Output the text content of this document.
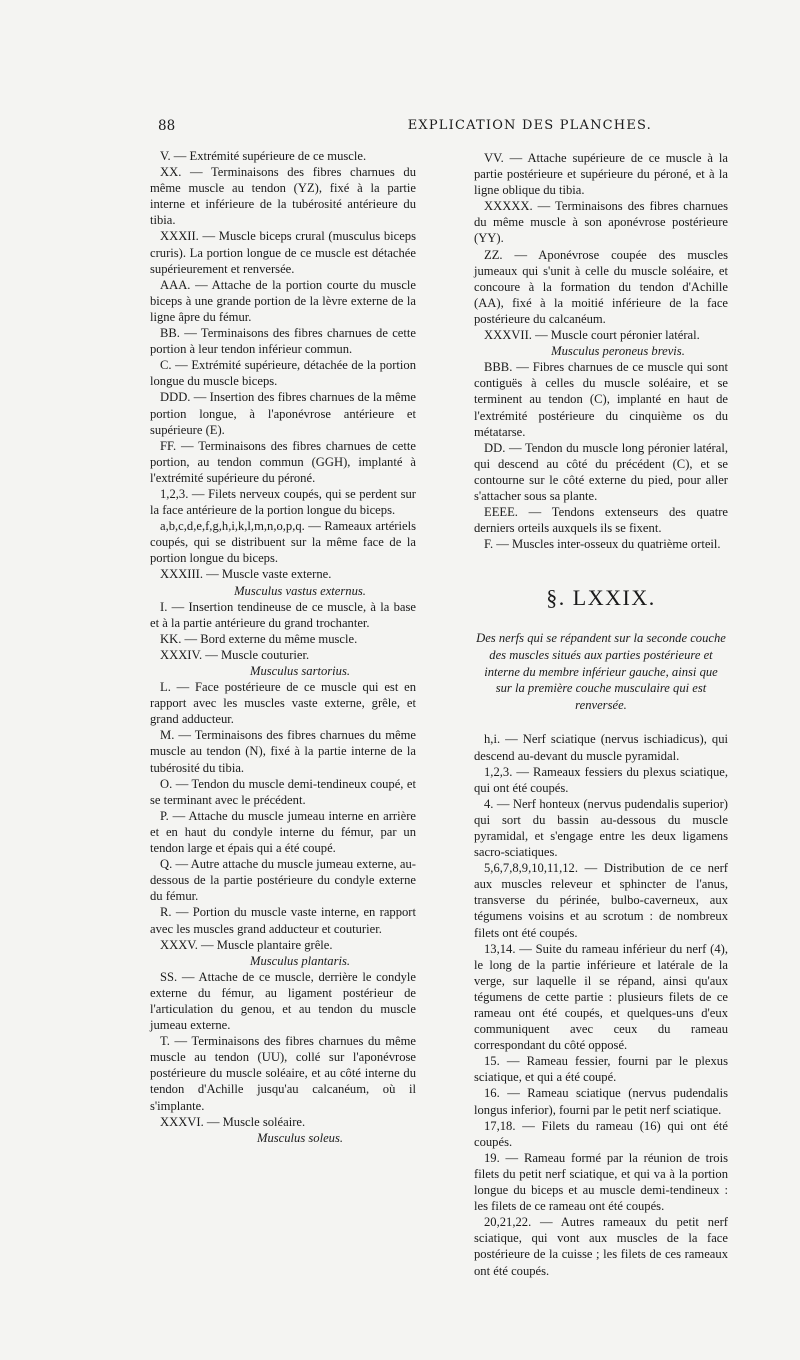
88	EXPLICATION DES PLANCHES.

V. — Extrémité supérieure de ce muscle.

XX. — Terminaisons des fibres charnues du même muscle au tendon (YZ), fixé à la partie interne et inférieure de la tubérosité antérieure du tibia.

XXXII. — Muscle biceps crural (musculus biceps cruris). La portion longue de ce muscle est détachée supérieurement et renversée.

AAA. — Attache de la portion courte du muscle biceps à une grande portion de la lèvre externe de la ligne âpre du fémur.

BB. — Terminaisons des fibres charnues de cette portion à leur tendon inférieur commun.

C. — Extrémité supérieure, détachée de la portion longue du muscle biceps.

DDD. — Insertion des fibres charnues de la même portion longue, à l'aponévrose antérieure et supérieure (E).

FF. — Terminaisons des fibres charnues de cette portion, au tendon commun (GGH), implanté à l'extrémité supérieure du péroné.

1,2,3. — Filets nerveux coupés, qui se perdent sur la face antérieure de la portion longue du biceps.

a,b,c,d,e,f,g,h,i,k,l,m,n,o,p,q. — Rameaux artériels coupés, qui se distribuent sur la même face de la portion longue du biceps.

XXXIII. — Muscle vaste externe.

Musculus vastus externus.

I. — Insertion tendineuse de ce muscle, à la base et à la partie antérieure du grand trochanter.

KK. — Bord externe du même muscle.

XXXIV. — Muscle couturier.

Musculus sartorius.

L. — Face postérieure de ce muscle qui est en rapport avec les muscles vaste externe, grêle, et grand adducteur.

M. — Terminaisons des fibres charnues du même muscle au tendon (N), fixé à la partie interne de la tubérosité du tibia.

O. — Tendon du muscle demi-tendineux coupé, et se terminant avec le précédent.

P. — Attache du muscle jumeau interne en arrière et en haut du condyle interne du fémur, par un tendon large et épais qui a été coupé.

Q. — Autre attache du muscle jumeau externe, au-dessous de la partie postérieure du condyle externe du fémur.

R. — Portion du muscle vaste interne, en rapport avec les muscles grand adducteur et couturier.

XXXV. — Muscle plantaire grêle.

Musculus plantaris.

SS. — Attache de ce muscle, derrière le condyle externe du fémur, au ligament postérieur de l'articulation du genou, et au tendon du muscle jumeau externe.

T. — Terminaisons des fibres charnues du même muscle au tendon (UU), collé sur l'aponévrose postérieure du muscle soléaire, et au côté interne du tendon d'Achille jusqu'au calcanéum, où il s'implante.

XXXVI. — Muscle soléaire.

Musculus soleus.

VV. — Attache supérieure de ce muscle à la partie postérieure et supérieure du péroné, et à la ligne oblique du tibia.

XXXXX. — Terminaisons des fibres charnues du même muscle à son aponévrose postérieure (YY).

ZZ. — Aponévrose coupée des muscles jumeaux qui s'unit à celle du muscle soléaire, et concoure à la formation du tendon d'Achille (AA), fixé à la moitié inférieure de la face postérieure du calcanéum.

XXXVII. — Muscle court péronier latéral.

Musculus peroneus brevis.

BBB. — Fibres charnues de ce muscle qui sont contiguës à celles du muscle soléaire, et se terminent au tendon (C), implanté en haut de l'extrémité postérieure du cinquième os du métatarse.

DD. — Tendon du muscle long péronier latéral, qui descend au côté du précédent (C), et se contourne sur le côté externe du pied, pour aller s'attacher sous sa plante.

EEEE. — Tendons extenseurs des quatre derniers orteils auxquels ils se fixent.

F. — Muscles inter-osseux du quatrième orteil.

§. LXXIX.
Des nerfs qui se répandent sur la seconde couche des muscles situés aux parties postérieure et interne du membre inférieur gauche, ainsi que sur la première couche musculaire qui est renversée.

h,i. — Nerf sciatique (nervus ischiadicus), qui descend au-devant du muscle pyramidal.

1,2,3. — Rameaux fessiers du plexus sciatique, qui ont été coupés.

4. — Nerf honteux (nervus pudendalis superior) qui sort du bassin au-dessous du muscle pyramidal, et s'engage entre les deux ligamens sacro-sciatiques.

5,6,7,8,9,10,11,12. — Distribution de ce nerf aux muscles releveur et sphincter de l'anus, transverse du périnée, bulbo-caverneux, aux tégumens voisins et au scrotum : de nombreux filets ont été coupés.

13,14. — Suite du rameau inférieur du nerf (4), le long de la partie inférieure et latérale de la verge, sur laquelle il se répand, ainsi qu'aux tégumens de cette partie : plusieurs filets de ce rameau ont été coupés, et quelques-uns d'eux communiquent avec ceux du rameau correspondant du côté opposé.

15. — Rameau fessier, fourni par le plexus sciatique, et qui a été coupé.

16. — Rameau sciatique (nervus pudendalis longus inferior), fourni par le petit nerf sciatique.

17,18. — Filets du rameau (16) qui ont été coupés.

19. — Rameau formé par la réunion de trois filets du petit nerf sciatique, et qui va à la portion longue du biceps et au muscle demi-tendineux : les filets de ce rameau ont été coupés.

20,21,22. — Autres rameaux du petit nerf sciatique, qui vont aux muscles de la face postérieure de la cuisse ; les filets de ces rameaux ont été coupés.
